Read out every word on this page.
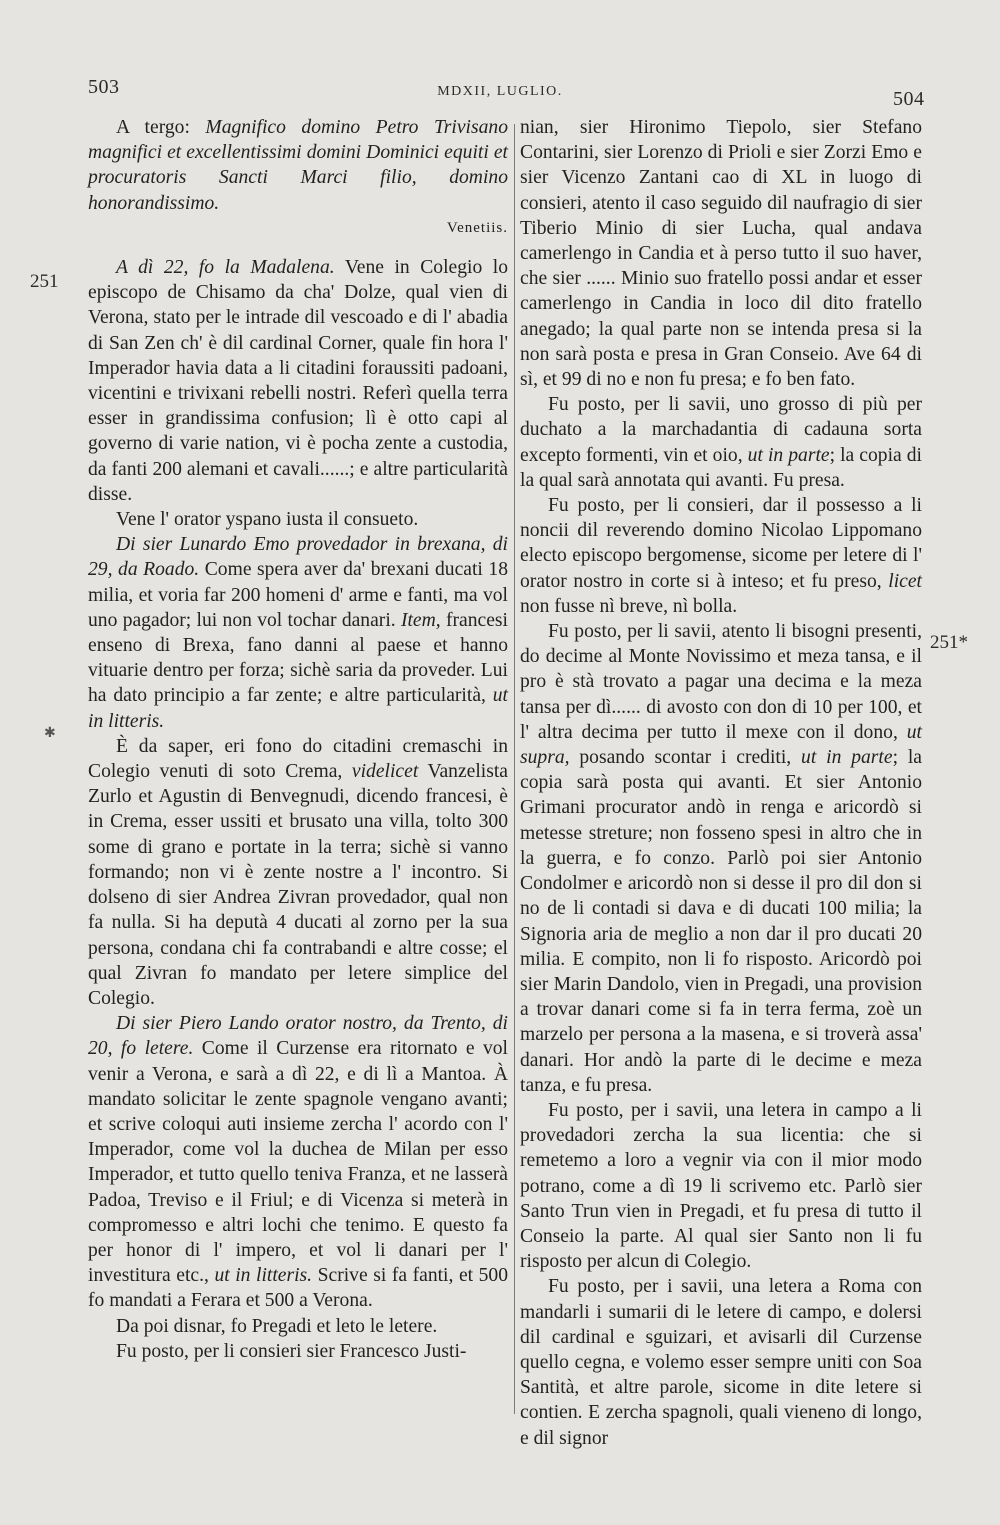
503	MDXII, LUGLIO.	504
251
251*

A tergo: Magnifico domino Petro Trivisano magnifici et excellentissimi domini Dominici equiti et procuratoris Sancti Marci filio, domino honorandissimo.

Venetiis.

A dì 22, fo la Madalena. Vene in Colegio lo episcopo de Chisamo da cha' Dolze, qual vien di Verona, stato per le intrade dil vescoado e di l' abadia di San Zen ch' è dil cardinal Corner, quale fin hora l' Imperador havia data a li citadini foraussiti padoani, vicentini e trivixani rebelli nostri. Referì quella terra esser in grandissima confusion; lì è otto capi al governo di varie nation, vi è pocha zente a custodia, da fanti 200 alemani et cavali......; e altre particularità disse.

Vene l' orator yspano iusta il consueto.

Di sier Lunardo Emo provedador in brexana, di 29, da Roado. Come spera aver da' brexani ducati 18 milia, et voria far 200 homeni d' arme e fanti, ma vol uno pagador; lui non vol tochar danari. Item, francesi enseno di Brexa, fano danni al paese et hanno vituarie dentro per forza; sichè saria da proveder. Lui ha dato principio a far zente; e altre particularità, ut in litteris.

È da saper, eri fono do citadini cremaschi in Colegio venuti di soto Crema, videlicet Vanzelista Zurlo et Agustin di Benvegnudi, dicendo francesi, è in Crema, esser ussiti et brusato una villa, tolto 300 some di grano e portate in la terra; sichè si vanno formando; non vi è zente nostre a l' incontro. Si dolseno di sier Andrea Zivran provedador, qual non fa nulla. Si ha deputà 4 ducati al zorno per la sua persona, condana chi fa contrabandi e altre cosse; el qual Zivran fo mandato per letere simplice del Colegio.

Di sier Piero Lando orator nostro, da Trento, di 20, fo letere. Come il Curzense era ritornato e vol venir a Verona, e sarà a dì 22, e di lì a Mantoa. À mandato solicitar le zente spagnole vengano avanti; et scrive coloqui auti insieme zercha l' acordo con l' Imperador, come vol la duchea de Milan per esso Imperador, et tutto quello teniva Franza, et ne lasserà Padoa, Treviso e il Friul; e di Vicenza si meterà in compromesso e altri lochi che tenimo. E questo fa per honor di l' impero, et vol li danari per l' investitura etc., ut in litteris. Scrive si fa fanti, et 500 fo mandati a Ferara et 500 a Verona.

Da poi disnar, fo Pregadi et leto le letere.

Fu posto, per li consieri sier Francesco Justi-

nian, sier Hironimo Tiepolo, sier Stefano Contarini, sier Lorenzo di Prioli e sier Zorzi Emo e sier Vicenzo Zantani cao di XL in luogo di consieri, atento il caso seguido dil naufragio di sier Tiberio Minio di sier Lucha, qual andava camerlengo in Candia et à perso tutto il suo haver, che sier ...... Minio suo fratello possi andar et esser camerlengo in Candia in loco dil dito fratello anegado; la qual parte non se intenda presa si la non sarà posta e presa in Gran Conseio. Ave 64 di sì, et 99 di no e non fu presa; e fo ben fato.

Fu posto, per li savii, uno grosso di più per duchato a la marchadantia di cadauna sorta excepto formenti, vin et oio, ut in parte; la copia di la qual sarà annotata qui avanti. Fu presa.

Fu posto, per li consieri, dar il possesso a li noncii dil reverendo domino Nicolao Lippomano electo episcopo bergomense, sicome per letere di l' orator nostro in corte si à inteso; et fu preso, licet non fusse nì breve, nì bolla.

Fu posto, per li savii, atento li bisogni presenti, do decime al Monte Novissimo et meza tansa, e il pro è stà trovato a pagar una decima e la meza tansa per dì...... di avosto con don di 10 per 100, et l' altra decima per tutto il mexe con il dono, ut supra, posando scontar i crediti, ut in parte; la copia sarà posta qui avanti. Et sier Antonio Grimani procurator andò in renga e aricordò si metesse streture; non fosseno spesi in altro che in la guerra, e fo conzo. Parlò poi sier Antonio Condolmer e aricordò non si desse il pro dil don si no de li contadi si dava e di ducati 100 milia; la Signoria aria de meglio a non dar il pro ducati 20 milia. E compito, non li fo risposto. Aricordò poi sier Marin Dandolo, vien in Pregadi, una provision a trovar danari come si fa in terra ferma, zoè un marzelo per persona a la masena, e si troverà assa' danari. Hor andò la parte di le decime e meza tanza, e fu presa.

Fu posto, per i savii, una letera in campo a li provedadori zercha la sua licentia: che si remetemo a loro a vegnir via con il mior modo potrano, come a dì 19 li scrivemo etc. Parlò sier Santo Trun vien in Pregadi, et fu presa di tutto il Conseio la parte. Al qual sier Santo non li fu risposto per alcun di Colegio.

Fu posto, per i savii, una letera a Roma con mandarli i sumarii di le letere di campo, e dolersi dil cardinal e sguizari, et avisarli dil Curzense quello cegna, e volemo esser sempre uniti con Soa Santità, et altre parole, sicome in dite letere si contien. E zercha spagnoli, quali vieneno di longo, e dil signor

✱
